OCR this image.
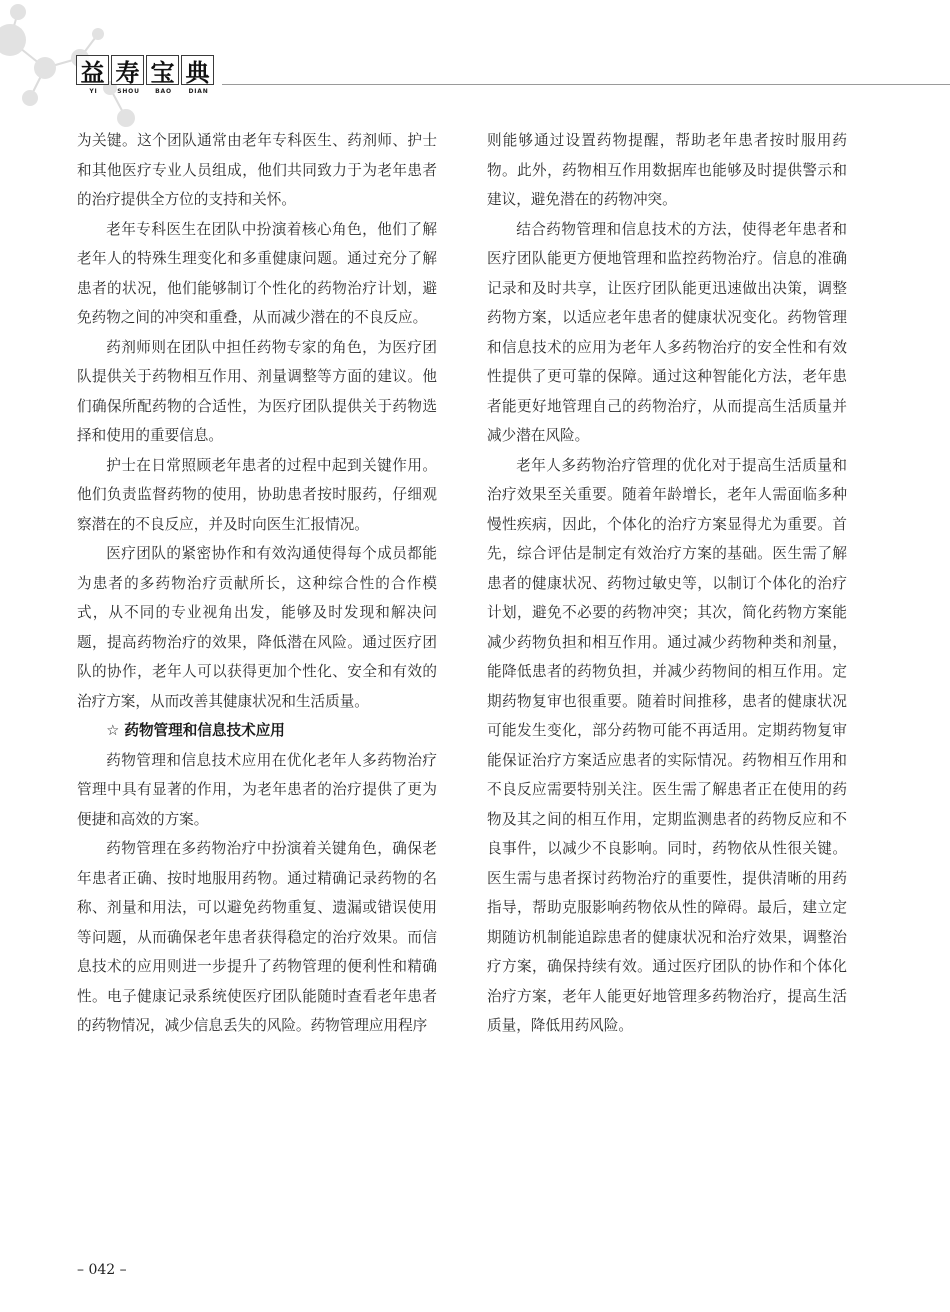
益 寿 宝 典
YI	SHOU	BAO	DIAN

为关键。这个团队通常由老年专科医生、药剂师、护士和其他医疗专业人员组成，他们共同致力于为老年患者的治疗提供全方位的支持和关怀。

老年专科医生在团队中扮演着核心角色，他们了解老年人的特殊生理变化和多重健康问题。通过充分了解患者的状况，他们能够制订个性化的药物治疗计划，避免药物之间的冲突和重叠，从而减少潜在的不良反应。

药剂师则在团队中担任药物专家的角色，为医疗团队提供关于药物相互作用、剂量调整等方面的建议。他们确保所配药物的合适性，为医疗团队提供关于药物选择和使用的重要信息。

护士在日常照顾老年患者的过程中起到关键作用。他们负责监督药物的使用，协助患者按时服药，仔细观察潜在的不良反应，并及时向医生汇报情况。

医疗团队的紧密协作和有效沟通使得每个成员都能为患者的多药物治疗贡献所长，这种综合性的合作模式，从不同的专业视角出发，能够及时发现和解决问题，提高药物治疗的效果，降低潜在风险。通过医疗团队的协作，老年人可以获得更加个性化、安全和有效的治疗方案，从而改善其健康状况和生活质量。

☆ 药物管理和信息技术应用

药物管理和信息技术应用在优化老年人多药物治疗管理中具有显著的作用，为老年患者的治疗提供了更为便捷和高效的方案。

药物管理在多药物治疗中扮演着关键角色，确保老年患者正确、按时地服用药物。通过精确记录药物的名称、剂量和用法，可以避免药物重复、遗漏或错误使用等问题，从而确保老年患者获得稳定的治疗效果。而信息技术的应用则进一步提升了药物管理的便利性和精确性。电子健康记录系统使医疗团队能随时查看老年患者的药物情况，减少信息丢失的风险。药物管理应用程序

则能够通过设置药物提醒，帮助老年患者按时服用药物。此外，药物相互作用数据库也能够及时提供警示和建议，避免潜在的药物冲突。

结合药物管理和信息技术的方法，使得老年患者和医疗团队能更方便地管理和监控药物治疗。信息的准确记录和及时共享，让医疗团队能更迅速做出决策，调整药物方案，以适应老年患者的健康状况变化。药物管理和信息技术的应用为老年人多药物治疗的安全性和有效性提供了更可靠的保障。通过这种智能化方法，老年患者能更好地管理自己的药物治疗，从而提高生活质量并减少潜在风险。

老年人多药物治疗管理的优化对于提高生活质量和治疗效果至关重要。随着年龄增长，老年人需面临多种慢性疾病，因此，个体化的治疗方案显得尤为重要。首先，综合评估是制定有效治疗方案的基础。医生需了解患者的健康状况、药物过敏史等，以制订个体化的治疗计划，避免不必要的药物冲突；其次，简化药物方案能减少药物负担和相互作用。通过减少药物种类和剂量，能降低患者的药物负担，并减少药物间的相互作用。定期药物复审也很重要。随着时间推移，患者的健康状况可能发生变化，部分药物可能不再适用。定期药物复审能保证治疗方案适应患者的实际情况。药物相互作用和不良反应需要特别关注。医生需了解患者正在使用的药物及其之间的相互作用，定期监测患者的药物反应和不良事件，以减少不良影响。同时，药物依从性很关键。医生需与患者探讨药物治疗的重要性，提供清晰的用药指导，帮助克服影响药物依从性的障碍。最后，建立定期随访机制能追踪患者的健康状况和治疗效果，调整治疗方案，确保持续有效。通过医疗团队的协作和个体化治疗方案，老年人能更好地管理多药物治疗，提高生活质量，降低用药风险。

– 042 –
